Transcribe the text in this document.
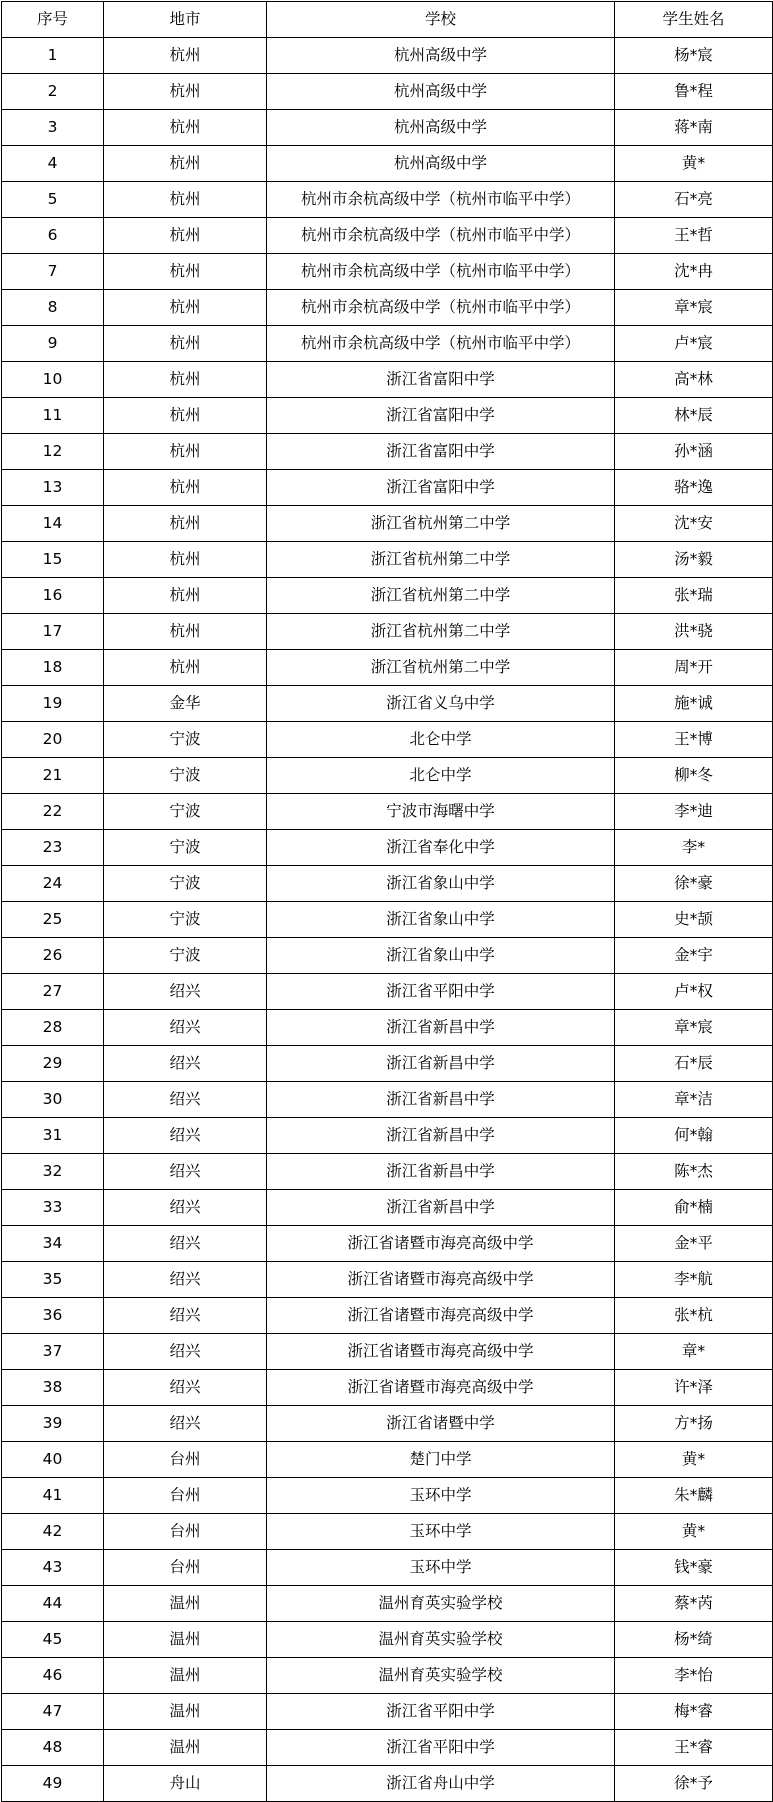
序号	地市	学校	学生姓名
1	杭州	杭州高级中学	杨*宸
2	杭州	杭州高级中学	鲁*程
3	杭州	杭州高级中学	蒋*南
4	杭州	杭州高级中学	黄*
5	杭州	杭州市余杭高级中学（杭州市临平中学）	石*亮
6	杭州	杭州市余杭高级中学（杭州市临平中学）	王*哲
7	杭州	杭州市余杭高级中学（杭州市临平中学）	沈*冉
8	杭州	杭州市余杭高级中学（杭州市临平中学）	章*宸
9	杭州	杭州市余杭高级中学（杭州市临平中学）	卢*宸
10	杭州	浙江省富阳中学	高*林
11	杭州	浙江省富阳中学	林*辰
12	杭州	浙江省富阳中学	孙*涵
13	杭州	浙江省富阳中学	骆*逸
14	杭州	浙江省杭州第二中学	沈*安
15	杭州	浙江省杭州第二中学	汤*毅
16	杭州	浙江省杭州第二中学	张*瑞
17	杭州	浙江省杭州第二中学	洪*骁
18	杭州	浙江省杭州第二中学	周*开
19	金华	浙江省义乌中学	施*诚
20	宁波	北仑中学	王*博
21	宁波	北仑中学	柳*冬
22	宁波	宁波市海曙中学	李*迪
23	宁波	浙江省奉化中学	李*
24	宁波	浙江省象山中学	徐*豪
25	宁波	浙江省象山中学	史*颉
26	宁波	浙江省象山中学	金*宇
27	绍兴	浙江省平阳中学	卢*权
28	绍兴	浙江省新昌中学	章*宸
29	绍兴	浙江省新昌中学	石*辰
30	绍兴	浙江省新昌中学	章*洁
31	绍兴	浙江省新昌中学	何*翰
32	绍兴	浙江省新昌中学	陈*杰
33	绍兴	浙江省新昌中学	俞*楠
34	绍兴	浙江省诸暨市海亮高级中学	金*平
35	绍兴	浙江省诸暨市海亮高级中学	李*航
36	绍兴	浙江省诸暨市海亮高级中学	张*杭
37	绍兴	浙江省诸暨市海亮高级中学	章*
38	绍兴	浙江省诸暨市海亮高级中学	许*泽
39	绍兴	浙江省诸暨中学	方*扬
40	台州	楚门中学	黄*
41	台州	玉环中学	朱*麟
42	台州	玉环中学	黄*
43	台州	玉环中学	钱*豪
44	温州	温州育英实验学校	蔡*芮
45	温州	温州育英实验学校	杨*绮
46	温州	温州育英实验学校	李*怡
47	温州	浙江省平阳中学	梅*睿
48	温州	浙江省平阳中学	王*睿
49	舟山	浙江省舟山中学	徐*予
